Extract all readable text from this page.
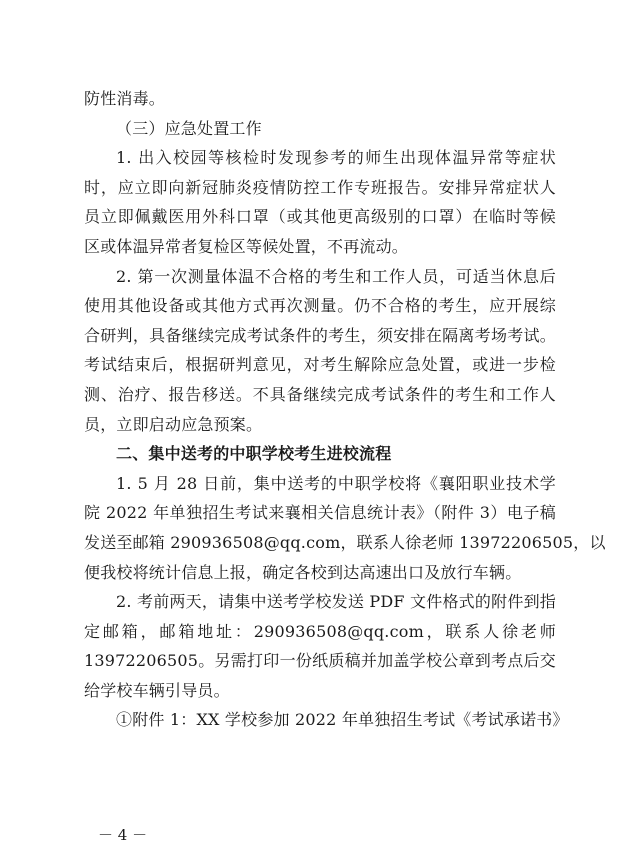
防性消毒。
（三）应急处置工作
1. 出入校园等核检时发现参考的师生出现体温异常等症状
时，应立即向新冠肺炎疫情防控工作专班报告。安排异常症状人
员立即佩戴医用外科口罩（或其他更高级别的口罩）在临时等候
区或体温异常者复检区等候处置，不再流动。
2. 第一次测量体温不合格的考生和工作人员，可适当休息后
使用其他设备或其他方式再次测量。仍不合格的考生，应开展综
合研判，具备继续完成考试条件的考生，须安排在隔离考场考试。
考试结束后，根据研判意见，对考生解除应急处置，或进一步检
测、治疗、报告移送。不具备继续完成考试条件的考生和工作人
员，立即启动应急预案。
二、集中送考的中职学校考生进校流程
1. 5 月 28 日前，集中送考的中职学校将《襄阳职业技术学
院 2022 年单独招生考试来襄相关信息统计表》（附件 3）电子稿
发送至邮箱 290936508@qq.com，联系人徐老师 13972206505，以
便我校将统计信息上报，确定各校到达高速出口及放行车辆。
2. 考前两天，请集中送考学校发送 PDF 文件格式的附件到指
定邮箱，邮箱地址：290936508@qq.com，联系人徐老师
13972206505。另需打印一份纸质稿并加盖学校公章到考点后交
给学校车辆引导员。
①附件 1：XX 学校参加 2022 年单独招生考试《考试承诺书》
－ 4 －
